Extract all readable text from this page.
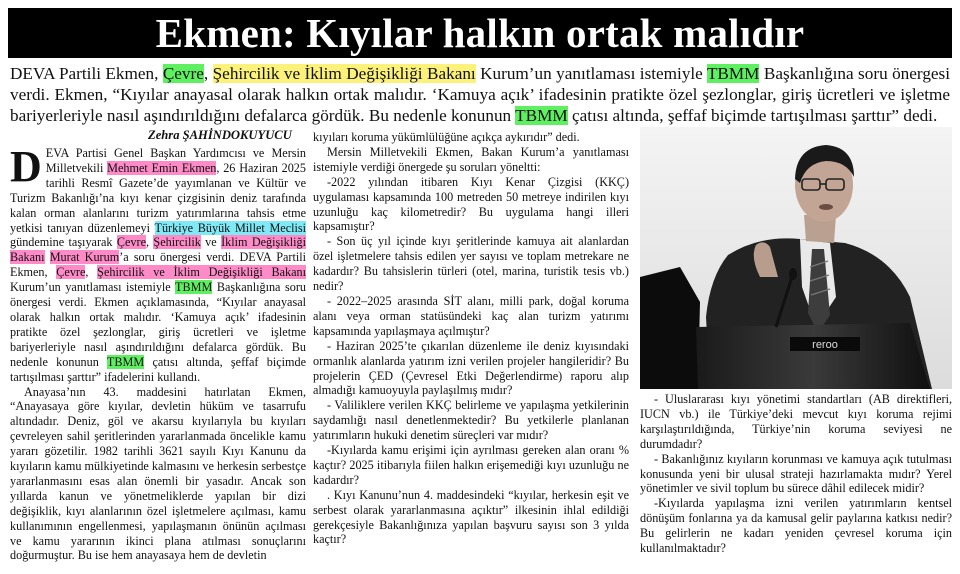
Ekmen: Kıyılar halkın ortak malıdır
DEVA Partili Ekmen, Çevre, Şehircilik ve İklim Değişikliği Bakanı Kurum’un yanıtlaması istemiyle TBMM Başkanlığına soru önergesi verdi. Ekmen, “Kıyılar anayasal olarak halkın ortak malıdır. ‘Kamuya açık’ ifadesinin pratikte özel şezlonglar, giriş ücretleri ve işletme bariyerleriyle nasıl aşındırıldığını defalarca gördük. Bu nedenle konunun TBMM çatısı altında, şeffaf biçimde tartışılması şarttır” dedi.
Zehra ŞAHİNDOKUYUCU

DEVA Partisi Genel Başkan Yardımcısı ve Mersin Milletvekili Mehmet Emin Ekmen, 26 Haziran 2025 tarihli Resmî Gazete’de yayımlanan ve Kültür ve Turizm Bakanlığı’na kıyı kenar çizgisinin deniz tarafında kalan orman alanlarını turizm yatırımlarına tahsis etme yetkisi tanıyan düzenlemeyi Türkiye Büyük Millet Meclisi gündemine taşıyarak Çevre, Şehircilik ve İklim Değişikliği Bakanı Murat Kurum’a soru önergesi verdi. DEVA Partili Ekmen, Çevre, Şehircilik ve İklim Değişikliği Bakanı Kurum’un yanıtlaması istemiyle TBMM Başkanlığına soru önergesi verdi. Ekmen açıklamasında, “Kıyılar anayasal olarak halkın ortak malıdır. ‘Kamuya açık’ ifadesinin pratikte özel şezlonglar, giriş ücretleri ve işletme bariyerleriyle nasıl aşındırıldığını defalarca gördük. Bu nedenle konunun TBMM çatısı altında, şeffaf biçimde tartışılması şarttır” ifadelerini kullandı.

Anayasa’nın 43. maddesini hatırlatan Ekmen, “Anayasaya göre kıyılar, devletin hüküm ve tasarrufu altındadır. Deniz, göl ve akarsu kıyılarıyla bu kıyıları çevreleyen sahil şeritlerinden yararlanmada öncelikle kamu yararı gözetilir. 1982 tarihli 3621 sayılı Kıyı Kanunu da kıyıların kamu mülkiyetinde kalmasını ve herkesin serbestçe yararlanmasını esas alan önemli bir yasadır. Ancak son yıllarda kanun ve yönetmeliklerde yapılan bir dizi değişiklik, kıyı alanlarının özel işletmelere açılması, kamu kullanımının engellenmesi, yapılaşmanın önünün açılması ve kamu yararının ikinci plana atılması sonuçlarını doğurmuştur. Bu ise hem anayasaya hem de devletin

kıyıları koruma yükümlülüğüne açıkça aykırıdır” dedi.

Mersin Milletvekili Ekmen, Bakan Kurum’a yanıtlaması istemiyle verdiği önergede şu soruları yöneltti:

-2022 yılından itibaren Kıyı Kenar Çizgisi (KKÇ) uygulaması kapsamında 100 metreden 50 metreye indirilen kıyı uzunluğu kaç kilometredir? Bu uygulama hangi illeri kapsamıştır?

- Son üç yıl içinde kıyı şeritlerinde kamuya ait alanlardan özel işletmelere tahsis edilen yer sayısı ve toplam metrekare ne kadardır? Bu tahsislerin türleri (otel, marina, turistik tesis vb.) nedir?

- 2022–2025 arasında SİT alanı, milli park, doğal koruma alanı veya orman statüsündeki kaç alan turizm yatırımı kapsamında yapılaşmaya açılmıştır?

- Haziran 2025’te çıkarılan düzenleme ile deniz kıyısındaki ormanlık alanlarda yatırım izni verilen projeler hangileridir? Bu projelerin ÇED (Çevresel Etki Değerlendirme) raporu alıp almadığı kamuoyuyla paylaşılmış mıdır?

- Valiliklere verilen KKÇ belirleme ve yapılaşma yetkilerinin saydamlığı nasıl denetlenmektedir? Bu yetkilerle planlanan yatırımların hukuki denetim süreçleri var mıdır?

-Kıyılarda kamu erişimi için ayrılması gereken alan oranı % kaçtır? 2025 itibarıyla fiilen halkın erişemediği kıyı uzunluğu ne kadardır?

. Kıyı Kanunu’nun 4. maddesindeki “kıyılar, herkesin eşit ve serbest olarak yararlanmasına açıktır” ilkesinin ihlal edildiği gerekçesiyle Bakanlığınıza yapılan başvuru sayısı son 3 yılda kaçtır?

reroo

- Uluslararası kıyı yönetimi standartları (AB direktifleri, IUCN vb.) ile Türkiye’deki mevcut kıyı koruma rejimi karşılaştırıldığında, Türkiye’nin koruma seviyesi ne durumdadır?

- Bakanlığınız kıyıların korunması ve kamuya açık tutulması konusunda yeni bir ulusal strateji hazırlamakta mıdır? Yerel yönetimler ve sivil toplum bu sürece dâhil edilecek midir?

-Kıyılarda yapılaşma izni verilen yatırımların kentsel dönüşüm fonlarına ya da kamusal gelir paylarına katkısı nedir? Bu gelirlerin ne kadarı yeniden çevresel koruma için kullanılmaktadır?
